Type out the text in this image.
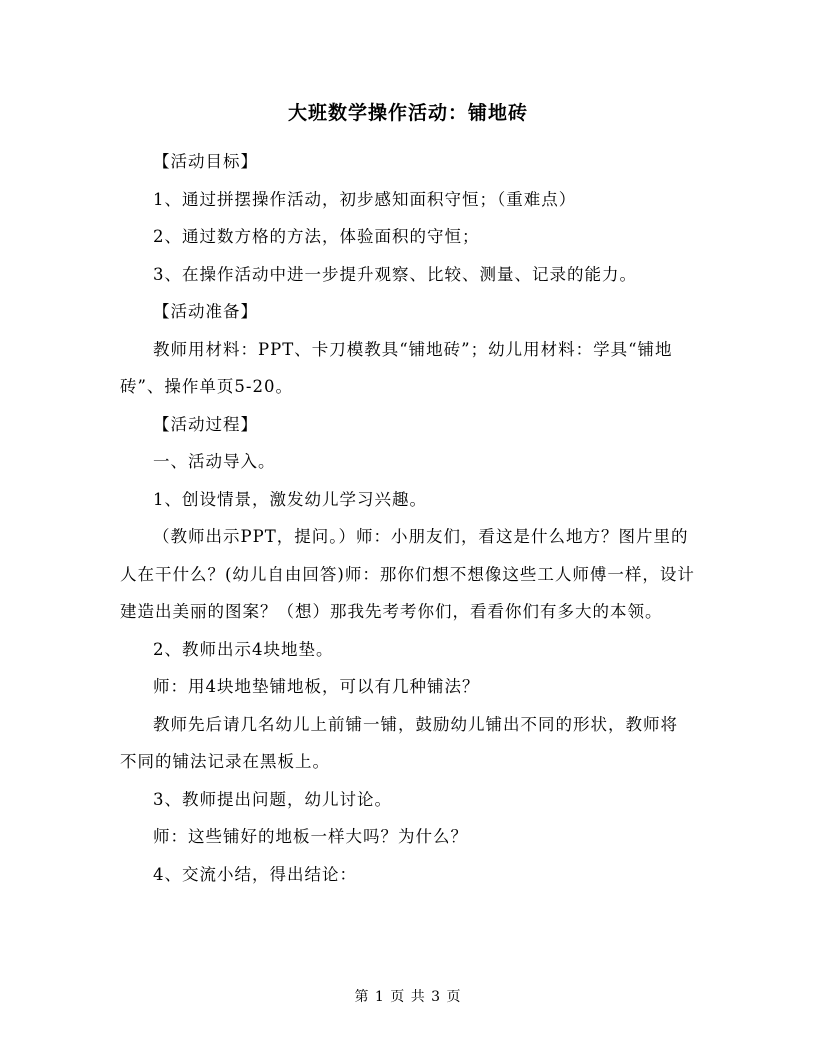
大班数学操作活动：铺地砖

【活动目标】

1、通过拼摆操作活动，初步感知面积守恒；（重难点）

2、通过数方格的方法，体验面积的守恒；

3、在操作活动中进一步提升观察、比较、测量、记录的能力。

【活动准备】

教师用材料：PPT、卡刀模教具“铺地砖”；幼儿用材料：学具“铺地砖”、操作单页5-20。

【活动过程】

一、活动导入。

1、创设情景，激发幼儿学习兴趣。

（教师出示PPT，提问。）师：小朋友们，看这是什么地方？图片里的人在干什么？(幼儿自由回答)师：那你们想不想像这些工人师傅一样，设计建造出美丽的图案？（想）那我先考考你们，看看你们有多大的本领。

2、教师出示4块地垫。

师：用4块地垫铺地板，可以有几种铺法？

教师先后请几名幼儿上前铺一铺，鼓励幼儿铺出不同的形状，教师将不同的铺法记录在黑板上。

3、教师提出问题，幼儿讨论。

师：这些铺好的地板一样大吗？为什么？

4、交流小结，得出结论：

第 1 页 共 3 页
